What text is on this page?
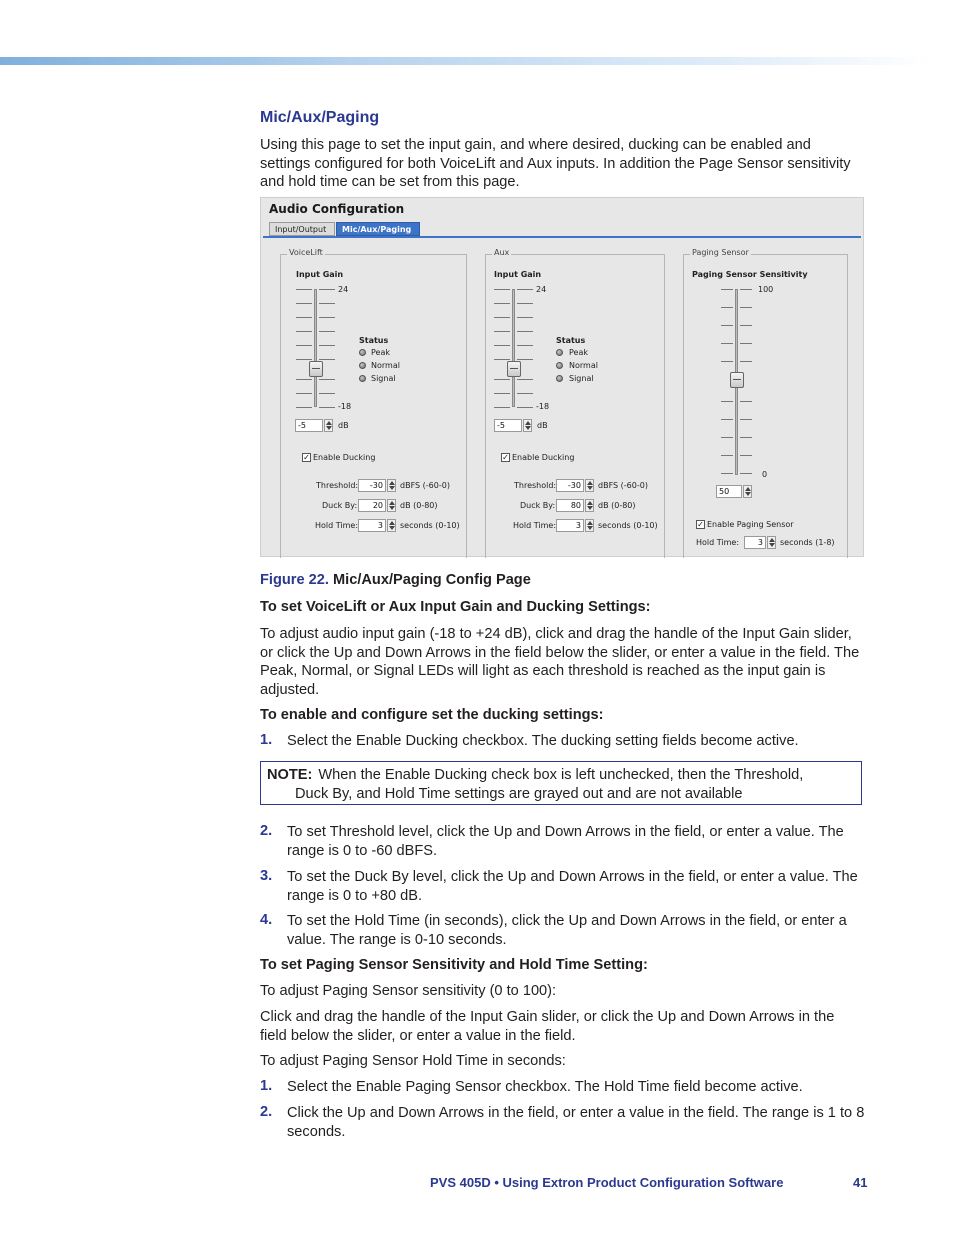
Mic/Aux/Paging
Using this page to set the input gain, and where desired, ducking can be enabled and settings configured for both VoiceLift and Aux inputs. In addition the Page Sensor sensitivity and hold time can be set from this page.
Audio Configuration
Input/Output	Mic/Aux/Paging
VoiceLift
Input Gain
24
-18
Status
Peak
Normal
Signal
-5	dB
✓ Enable Ducking
Threshold:	-30	dBFS (-60-0)
Duck By:	20	dB (0-80)
Hold Time:	3	seconds (0-10)
Aux
Input Gain
24
-18
Status
Peak
Normal
Signal
-5	dB
✓ Enable Ducking
Threshold:	-30	dBFS (-60-0)
Duck By:	80	dB (0-80)
Hold Time:	3	seconds (0-10)
Paging Sensor
Paging Sensor Sensitivity
100
0
50
✓ Enable Paging Sensor
Hold Time:	3	seconds (1-8)
Figure 22. Mic/Aux/Paging Config Page
To set VoiceLift or Aux Input Gain and Ducking Settings:
To adjust audio input gain (-18 to +24 dB), click and drag the handle of the Input Gain slider, or click the Up and Down Arrows in the field below the slider, or enter a value in the field. The Peak, Normal, or Signal LEDs will light as each threshold is reached as the input gain is adjusted.
To enable and configure set the ducking settings:
1. Select the Enable Ducking checkbox. The ducking setting fields become active.
NOTE: When the Enable Ducking check box is left unchecked, then the Threshold,
Duck By, and Hold Time settings are grayed out and are not available
2. To set Threshold level, click the Up and Down Arrows in the field, or enter a value. The range is 0 to -60 dBFS.
3. To set the Duck By level, click the Up and Down Arrows in the field, or enter a value. The range is 0 to +80 dB.
4. To set the Hold Time (in seconds), click the Up and Down Arrows in the field, or enter a value. The range is 0-10 seconds.
To set Paging Sensor Sensitivity and Hold Time Setting:
To adjust Paging Sensor sensitivity (0 to 100):
Click and drag the handle of the Input Gain slider, or click the Up and Down Arrows in the field below the slider, or enter a value in the field.
To adjust Paging Sensor Hold Time in seconds:
1. Select the Enable Paging Sensor checkbox. The Hold Time field become active.
2. Click the Up and Down Arrows in the field, or enter a value in the field. The range is 1 to 8 seconds.
PVS 405D • Using Extron Product Configuration Software	41
